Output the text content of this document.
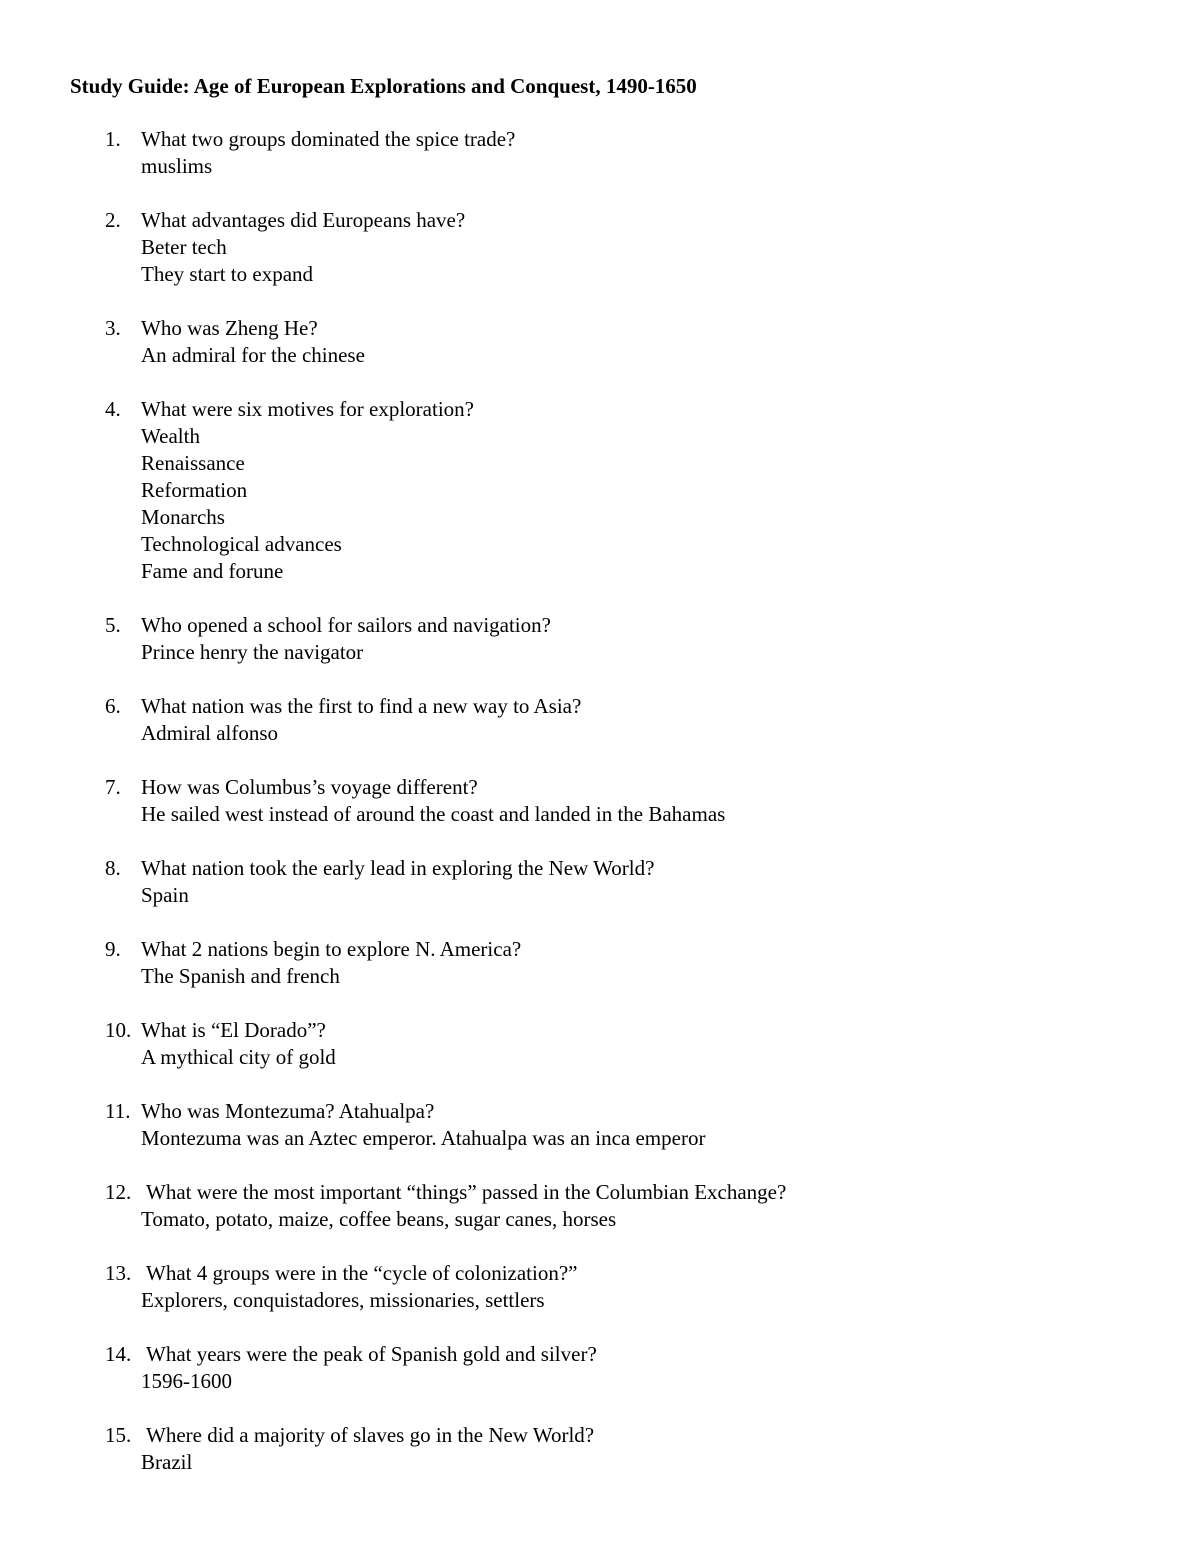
Study Guide: Age of European Explorations and Conquest, 1490-1650
1. What two groups dominated the spice trade?
muslims
2. What advantages did Europeans have?
Beter tech
They start to expand
3. Who was Zheng He?
An admiral for the chinese
4. What were six motives for exploration?
Wealth
Renaissance
Reformation
Monarchs
Technological advances
Fame and forune
5. Who opened a school for sailors and navigation?
Prince henry the navigator
6. What nation was the first to find a new way to Asia?
Admiral alfonso
7. How was Columbus’s voyage different?
He sailed west instead of around the coast and landed in the Bahamas
8. What nation took the early lead in exploring the New World?
Spain
9. What 2 nations begin to explore N. America?
The Spanish and french
10. What is “El Dorado”?
A mythical city of gold
11. Who was Montezuma? Atahualpa?
Montezuma was an Aztec emperor. Atahualpa was an inca emperor
12. What were the most important “things” passed in the Columbian Exchange?
Tomato, potato, maize, coffee beans, sugar canes, horses
13. What 4 groups were in the “cycle of colonization?”
Explorers, conquistadores, missionaries, settlers
14. What years were the peak of Spanish gold and silver?
1596-1600
15. Where did a majority of slaves go in the New World?
Brazil
